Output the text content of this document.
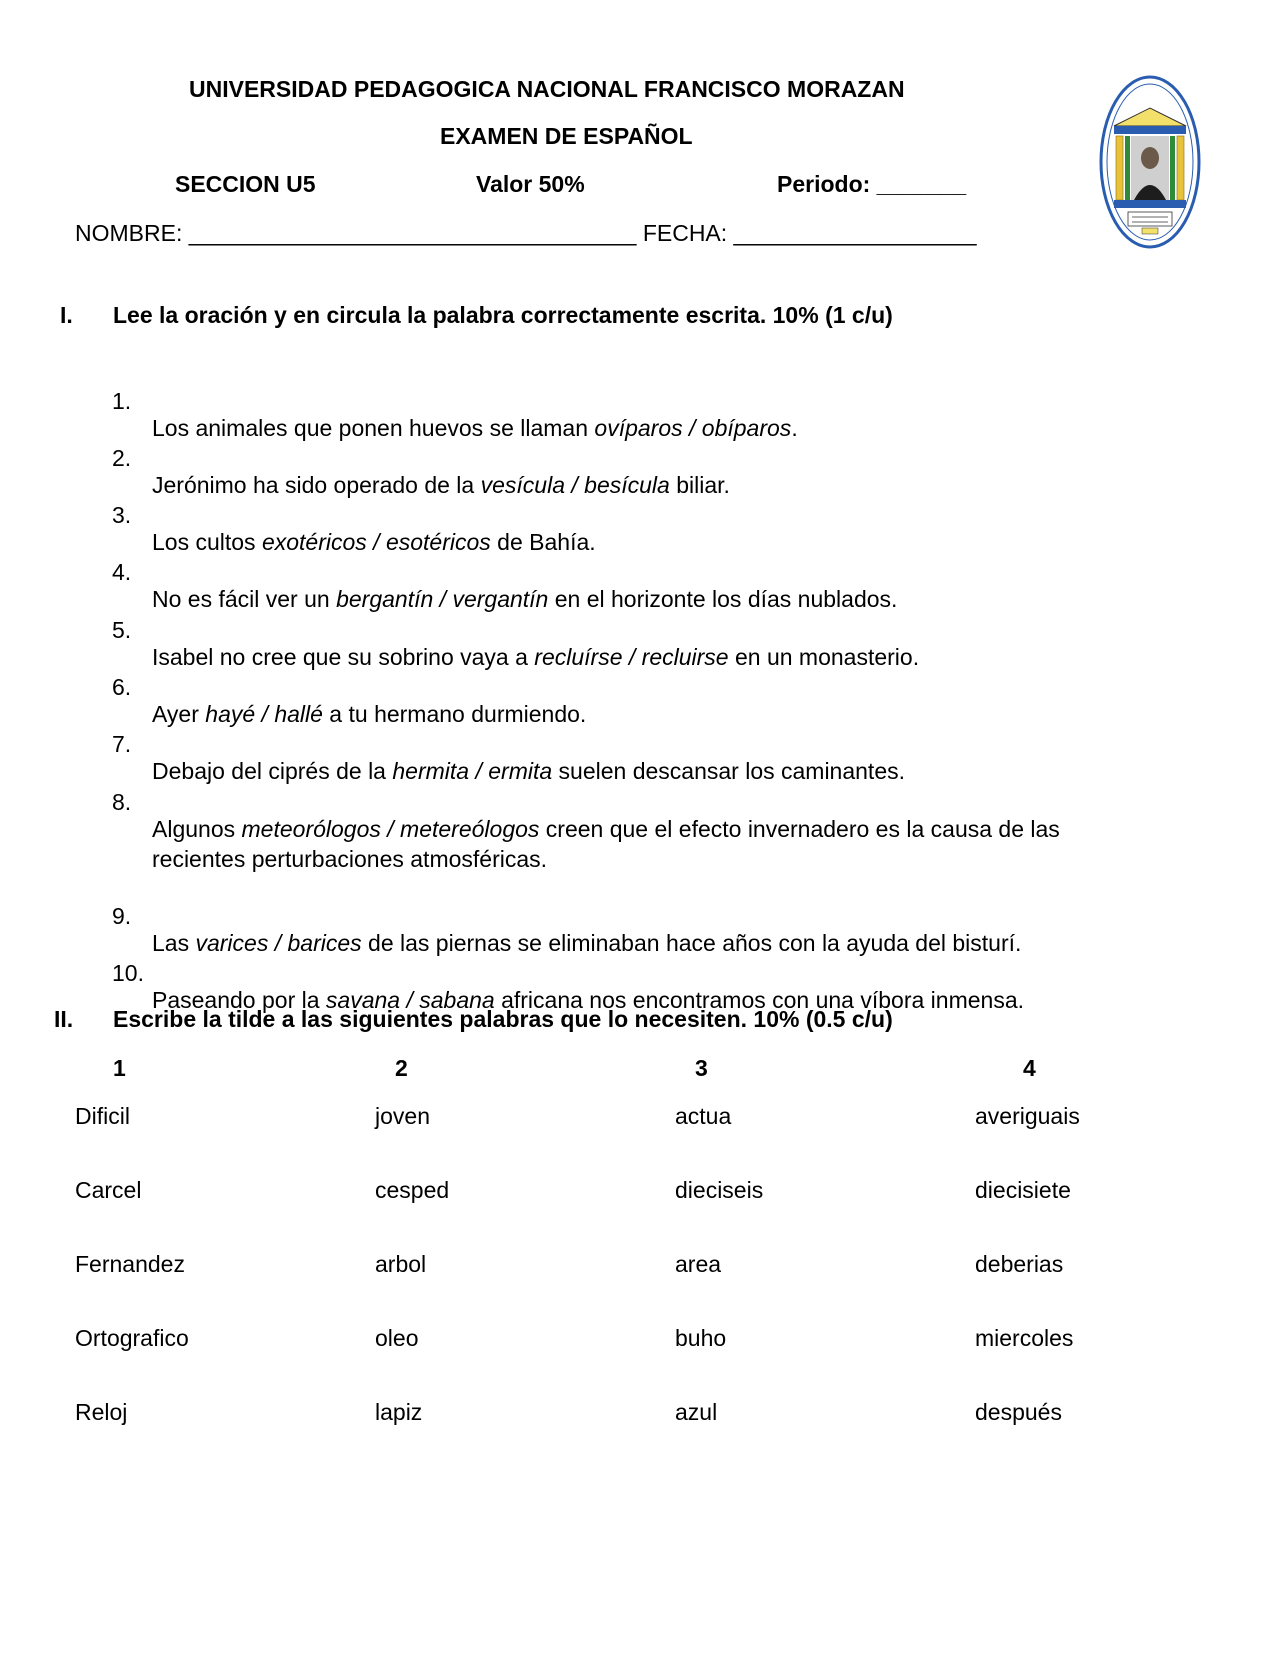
UNIVERSIDAD PEDAGOGICA NACIONAL FRANCISCO MORAZAN
EXAMEN DE ESPAÑOL
SECCION U5	Valor 50%	Periodo: _______
NOMBRE: ___________________________________ FECHA: ___________________
I. Lee la oración y en circula la palabra correctamente escrita. 10% (1 c/u)

1.

Los animales que ponen huevos se llaman ovíparos / obíparos.

2.

Jerónimo ha sido operado de la vesícula / besícula biliar.

3.

Los cultos exotéricos / esotéricos de Bahía.

4.

No es fácil ver un bergantín / vergantín en el horizonte los días nublados.

5.

Isabel no cree que su sobrino vaya a recluírse / recluirse en un monasterio.

6.

Ayer hayé / hallé a tu hermano durmiendo.

7.

Debajo del ciprés de la hermita / ermita suelen descansar los caminantes.

8.

Algunos meteorólogos / metereólogos creen que el efecto invernadero es la causa de las

recientes perturbaciones atmosféricas.

9.

Las varices / barices de las piernas se eliminaban hace años con la ayuda del bisturí.

10.

Paseando por la savana / sabana africana nos encontramos con una víbora inmensa.

II. Escribe la tilde a las siguientes palabras que lo necesiten. 10% (0.5 c/u)
1	2	3	4
Dificil	joven	actua	averiguais
Carcel	cesped	dieciseis	diecisiete
Fernandez	arbol	area	deberias
Ortografico	oleo	buho	miercoles
Reloj	lapiz	azul	después
